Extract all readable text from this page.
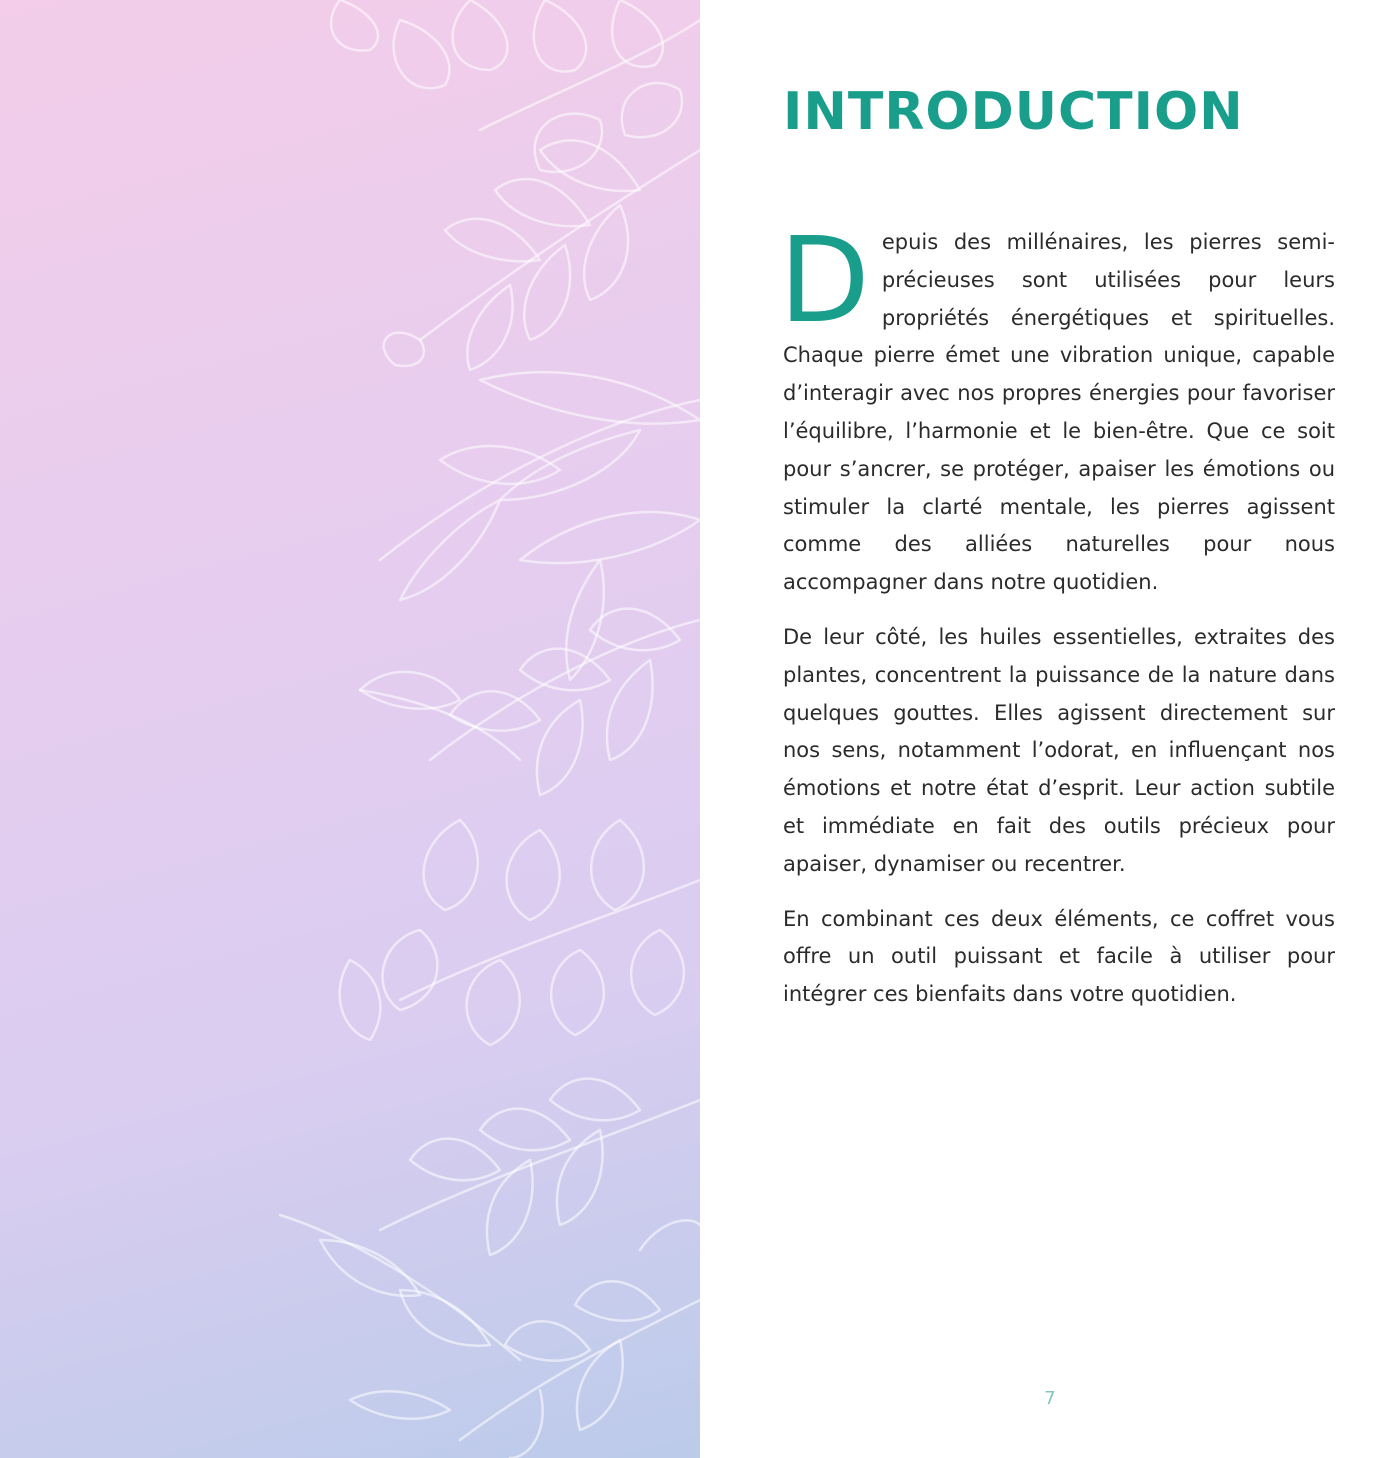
INTRODUCTION

Depuis des millénaires, les pierres semi-précieuses sont utilisées pour leurs propriétés énergétiques et spirituelles. Chaque pierre émet une vibration unique, capable d’interagir avec nos propres énergies pour favoriser l’équilibre, l’harmonie et le bien-être. Que ce soit pour s’ancrer, se protéger, apaiser les émotions ou stimuler la clarté mentale, les pierres agissent comme des alliées naturelles pour nous accompagner dans notre quotidien.

De leur côté, les huiles essentielles, extraites des plantes, concentrent la puissance de la nature dans quelques gouttes. Elles agissent directement sur nos sens, notamment l’odorat, en influençant nos émotions et notre état d’esprit. Leur action subtile et immédiate en fait des outils précieux pour apaiser, dynamiser ou recentrer.

En combinant ces deux éléments, ce coffret vous offre un outil puissant et facile à utiliser pour intégrer ces bienfaits dans votre quotidien.

7
